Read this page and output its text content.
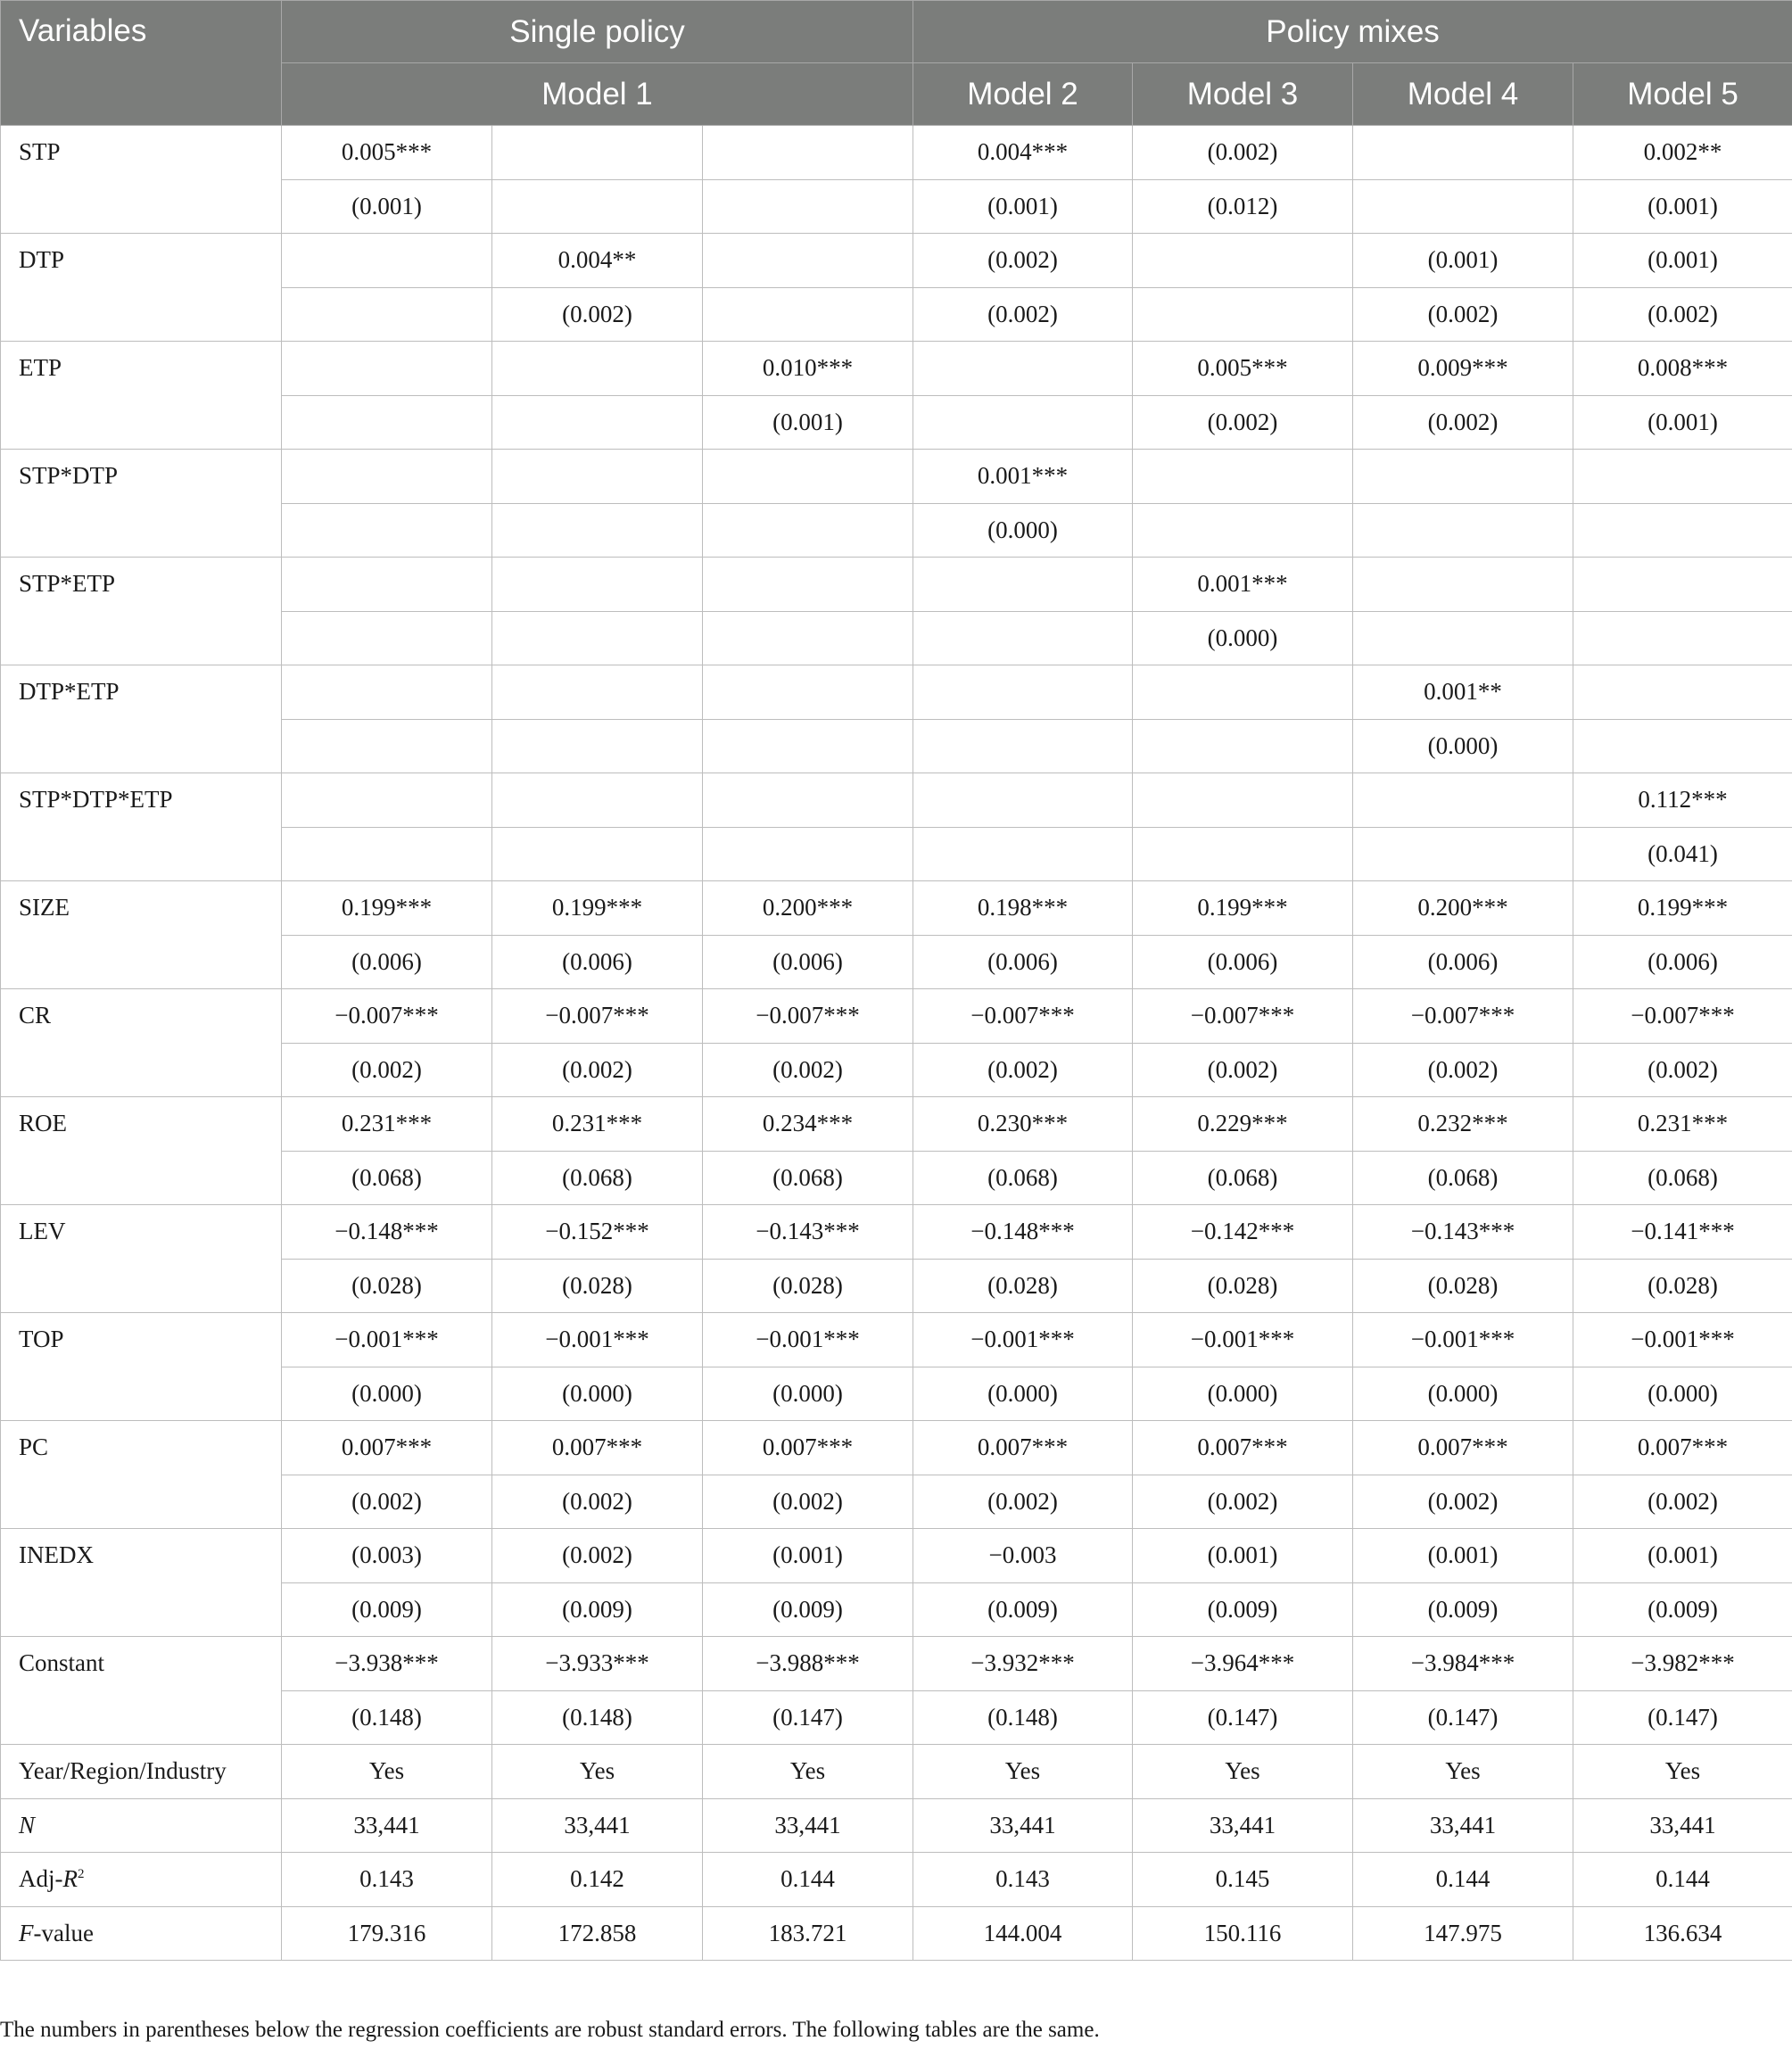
Variables	Single policy			Policy mixes			
	Model 1			Model 2	Model 3	Model 4	Model 5
STP	0.005***			0.004***	(0.002)		0.002**
	(0.001)			(0.001)	(0.012)		(0.001)
DTP		0.004**		(0.002)		(0.001)	(0.001)
		(0.002)		(0.002)		(0.002)	(0.002)
ETP			0.010***		0.005***	0.009***	0.008***
			(0.001)		(0.002)	(0.002)	(0.001)
STP*DTP				0.001***			
				(0.000)			
STP*ETP					0.001***		
					(0.000)		
DTP*ETP						0.001**	
						(0.000)	
STP*DTP*ETP							0.112***
							(0.041)
SIZE	0.199***	0.199***	0.200***	0.198***	0.199***	0.200***	0.199***
	(0.006)	(0.006)	(0.006)	(0.006)	(0.006)	(0.006)	(0.006)
CR	−0.007***	−0.007***	−0.007***	−0.007***	−0.007***	−0.007***	−0.007***
	(0.002)	(0.002)	(0.002)	(0.002)	(0.002)	(0.002)	(0.002)
ROE	0.231***	0.231***	0.234***	0.230***	0.229***	0.232***	0.231***
	(0.068)	(0.068)	(0.068)	(0.068)	(0.068)	(0.068)	(0.068)
LEV	−0.148***	−0.152***	−0.143***	−0.148***	−0.142***	−0.143***	−0.141***
	(0.028)	(0.028)	(0.028)	(0.028)	(0.028)	(0.028)	(0.028)
TOP	−0.001***	−0.001***	−0.001***	−0.001***	−0.001***	−0.001***	−0.001***
	(0.000)	(0.000)	(0.000)	(0.000)	(0.000)	(0.000)	(0.000)
PC	0.007***	0.007***	0.007***	0.007***	0.007***	0.007***	0.007***
	(0.002)	(0.002)	(0.002)	(0.002)	(0.002)	(0.002)	(0.002)
INEDX	(0.003)	(0.002)	(0.001)	−0.003	(0.001)	(0.001)	(0.001)
	(0.009)	(0.009)	(0.009)	(0.009)	(0.009)	(0.009)	(0.009)
Constant	−3.938***	−3.933***	−3.988***	−3.932***	−3.964***	−3.984***	−3.982***
	(0.148)	(0.148)	(0.147)	(0.148)	(0.147)	(0.147)	(0.147)
Year/Region/Industry	Yes	Yes	Yes	Yes	Yes	Yes	Yes
N	33,441	33,441	33,441	33,441	33,441	33,441	33,441
Adj-$R^2$	0.143	0.142	0.144	0.143	0.145	0.144	0.144
F-value	179.316	172.858	183.721	144.004	150.116	147.975	136.634
The numbers in parentheses below the regression coefficients are robust standard errors. The following tables are the same.
